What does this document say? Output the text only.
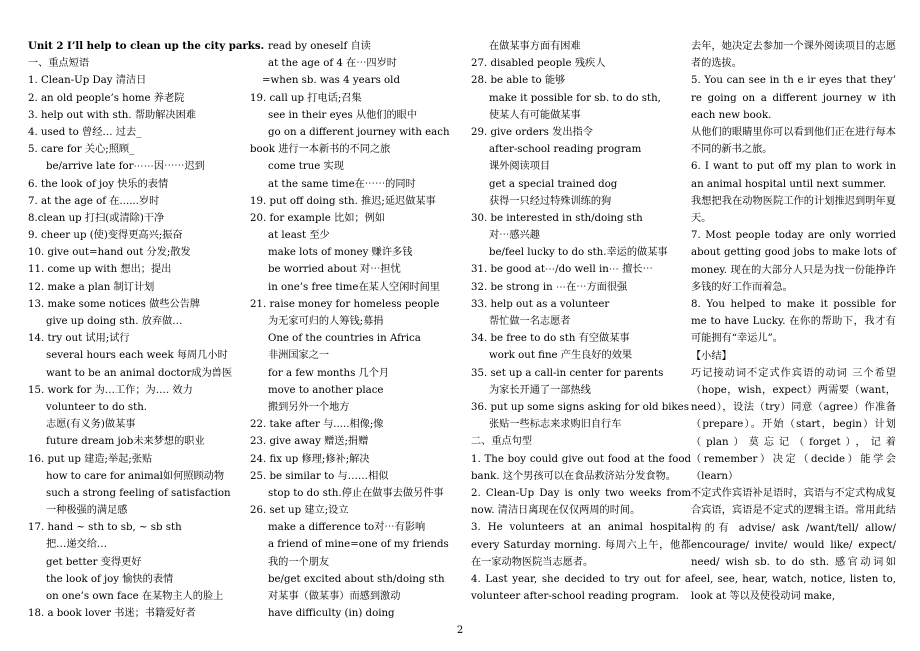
Unit 2 I’ll help to clean up the city parks.
一、重点短语
1. Clean-Up Day 清洁日
2. an old people’s home 养老院
3. help out with sth. 帮助解决困难
4. used to 曾经… 过去_
5. care for 关心;照顾_
be/arrive late for⋯⋯因⋯⋯迟到
6. the look of joy 快乐的表情
7. at the age of 在......岁时
8.clean up 打扫(或清除)干净
9. cheer up (使)变得更高兴;振奋
10. give out=hand out 分发;散发
11. come up with 想出；提出
12. make a plan 制订计划
13. make some notices 做些公告牌
give up doing sth. 放弃做…
14. try out 试用;试行
several hours each week 每周几小时
want to be an animal doctor成为兽医
15. work for 为…工作；为…. 效力
volunteer to do sth.
志愿(有义务)做某事
future dream job未来梦想的职业
16. put up 建造;举起;张贴
how to care for animal如何照顾动物
such a strong feeling of satisfaction
一种极强的满足感
17. hand ~ sth to sb, ~ sb sth
把…递交给…
get better 变得更好
the look of joy 愉快的表情
on one’s own face 在某物主人的脸上
18. a book lover 书迷；书籍爱好者
read by oneself 自读
at the age of 4 在⋯四岁时
=when sb. was 4 years old
19. call up 打电话;召集
see in their eyes 从他们的眼中
go on a different journey with each
book 进行一本新书的不同之旅
come true 实现
at the same time在⋯⋯的同时
19. put off doing sth. 推迟;延迟做某事
20. for example 比如；例如
at least 至少
make lots of money 赚许多钱
be worried about 对⋯担忧
in one’s free time在某人空闲时间里
21. raise money for homeless people
为无家可归的人筹钱;募捐
One of the countries in Africa
非洲国家之一
for a few months 几个月
move to another place
搬到另外一个地方
22. take after 与.....相像;像
23. give away 赠送;捐赠
24. fix up 修理;修补;解决
25. be similar to 与……相似
stop to do sth.停止在做事去做另件事
26. set up 建立;设立
make a difference to对⋯有影响
a friend of mine=one of my friends
我的一个朋友
be/get excited about sth/doing sth
对某事（做某事）而感到激动
have difficulty (in) doing
在做某事方面有困难
27. disabled people 残疾人
28. be able to 能够
make it possible for sb. to do sth,
使某人有可能做某事
29. give orders 发出指令
after-school reading program
课外阅读项目
get a special trained dog
获得一只经过特殊训练的狗
30. be interested in sth/doing sth
对⋯感兴趣
be/feel lucky to do sth.幸运的做某事
31. be good at⋯/do well in⋯ 擅长⋯
32. be strong in ⋯在⋯方面很强
33. help out as a volunteer
帮忙做一名志愿者
34. be free to do sth 有空做某事
work out fine 产生良好的效果
35. set up a call-in center for parents
为家长开通了一部热线
36. put up some signs asking for old bikes
张贴一些标志来求购旧自行车
二、重点句型
1. The boy could give out food at the food bank. 这个男孩可以在食品救济站分发食物。
2. Clean-Up Day is only two weeks from now. 清洁日离现在仅仅两周的时间。
3. He volunteers at an animal hospital every Saturday morning. 每周六上午，他都在一家动物医院当志愿者。
4. Last year, she decided to try out for a volunteer after-school reading program.
去年，她决定去参加一个课外阅读项目的志愿者的选拔。
5. You can see in th e ir eyes that they’ re going on a different journey w ith each new book.
从他们的眼睛里你可以看到他们正在进行每本不同的新书之旅。
6. I want to put off my plan to work in an animal hospital until next summer.
我想把我在动物医院工作的计划推迟到明年夏天。
7. Most people today are only worried about getting good jobs to make lots of money. 现在的大部分人只是为找一份能挣许多钱的好工作而着急。
8. You helped to make it possible for me to have Lucky. 在你的帮助下，我才有可能拥有“幸运儿”。
【小结】
巧记接动词不定式作宾语的动词 三个希望（hope，wish，expect）两需要（want，need），设法（try）同意（agree）作准备（prepare）。开始（start，begin）计划（plan）莫忘记（forget），记着（remember）决定（decide）能学会（learn）
不定式作宾语补足语时，宾语与不定式构成复合宾语，宾语是不定式的逻辑主语。常用此结构的有 advise/ ask /want/tell/ allow/ encourage/ invite/ would like/ expect/ need/ wish sb. to do sth. 感官动词如 feel, see, hear, watch, notice, listen to, look at 等以及使役动词 make,
2
